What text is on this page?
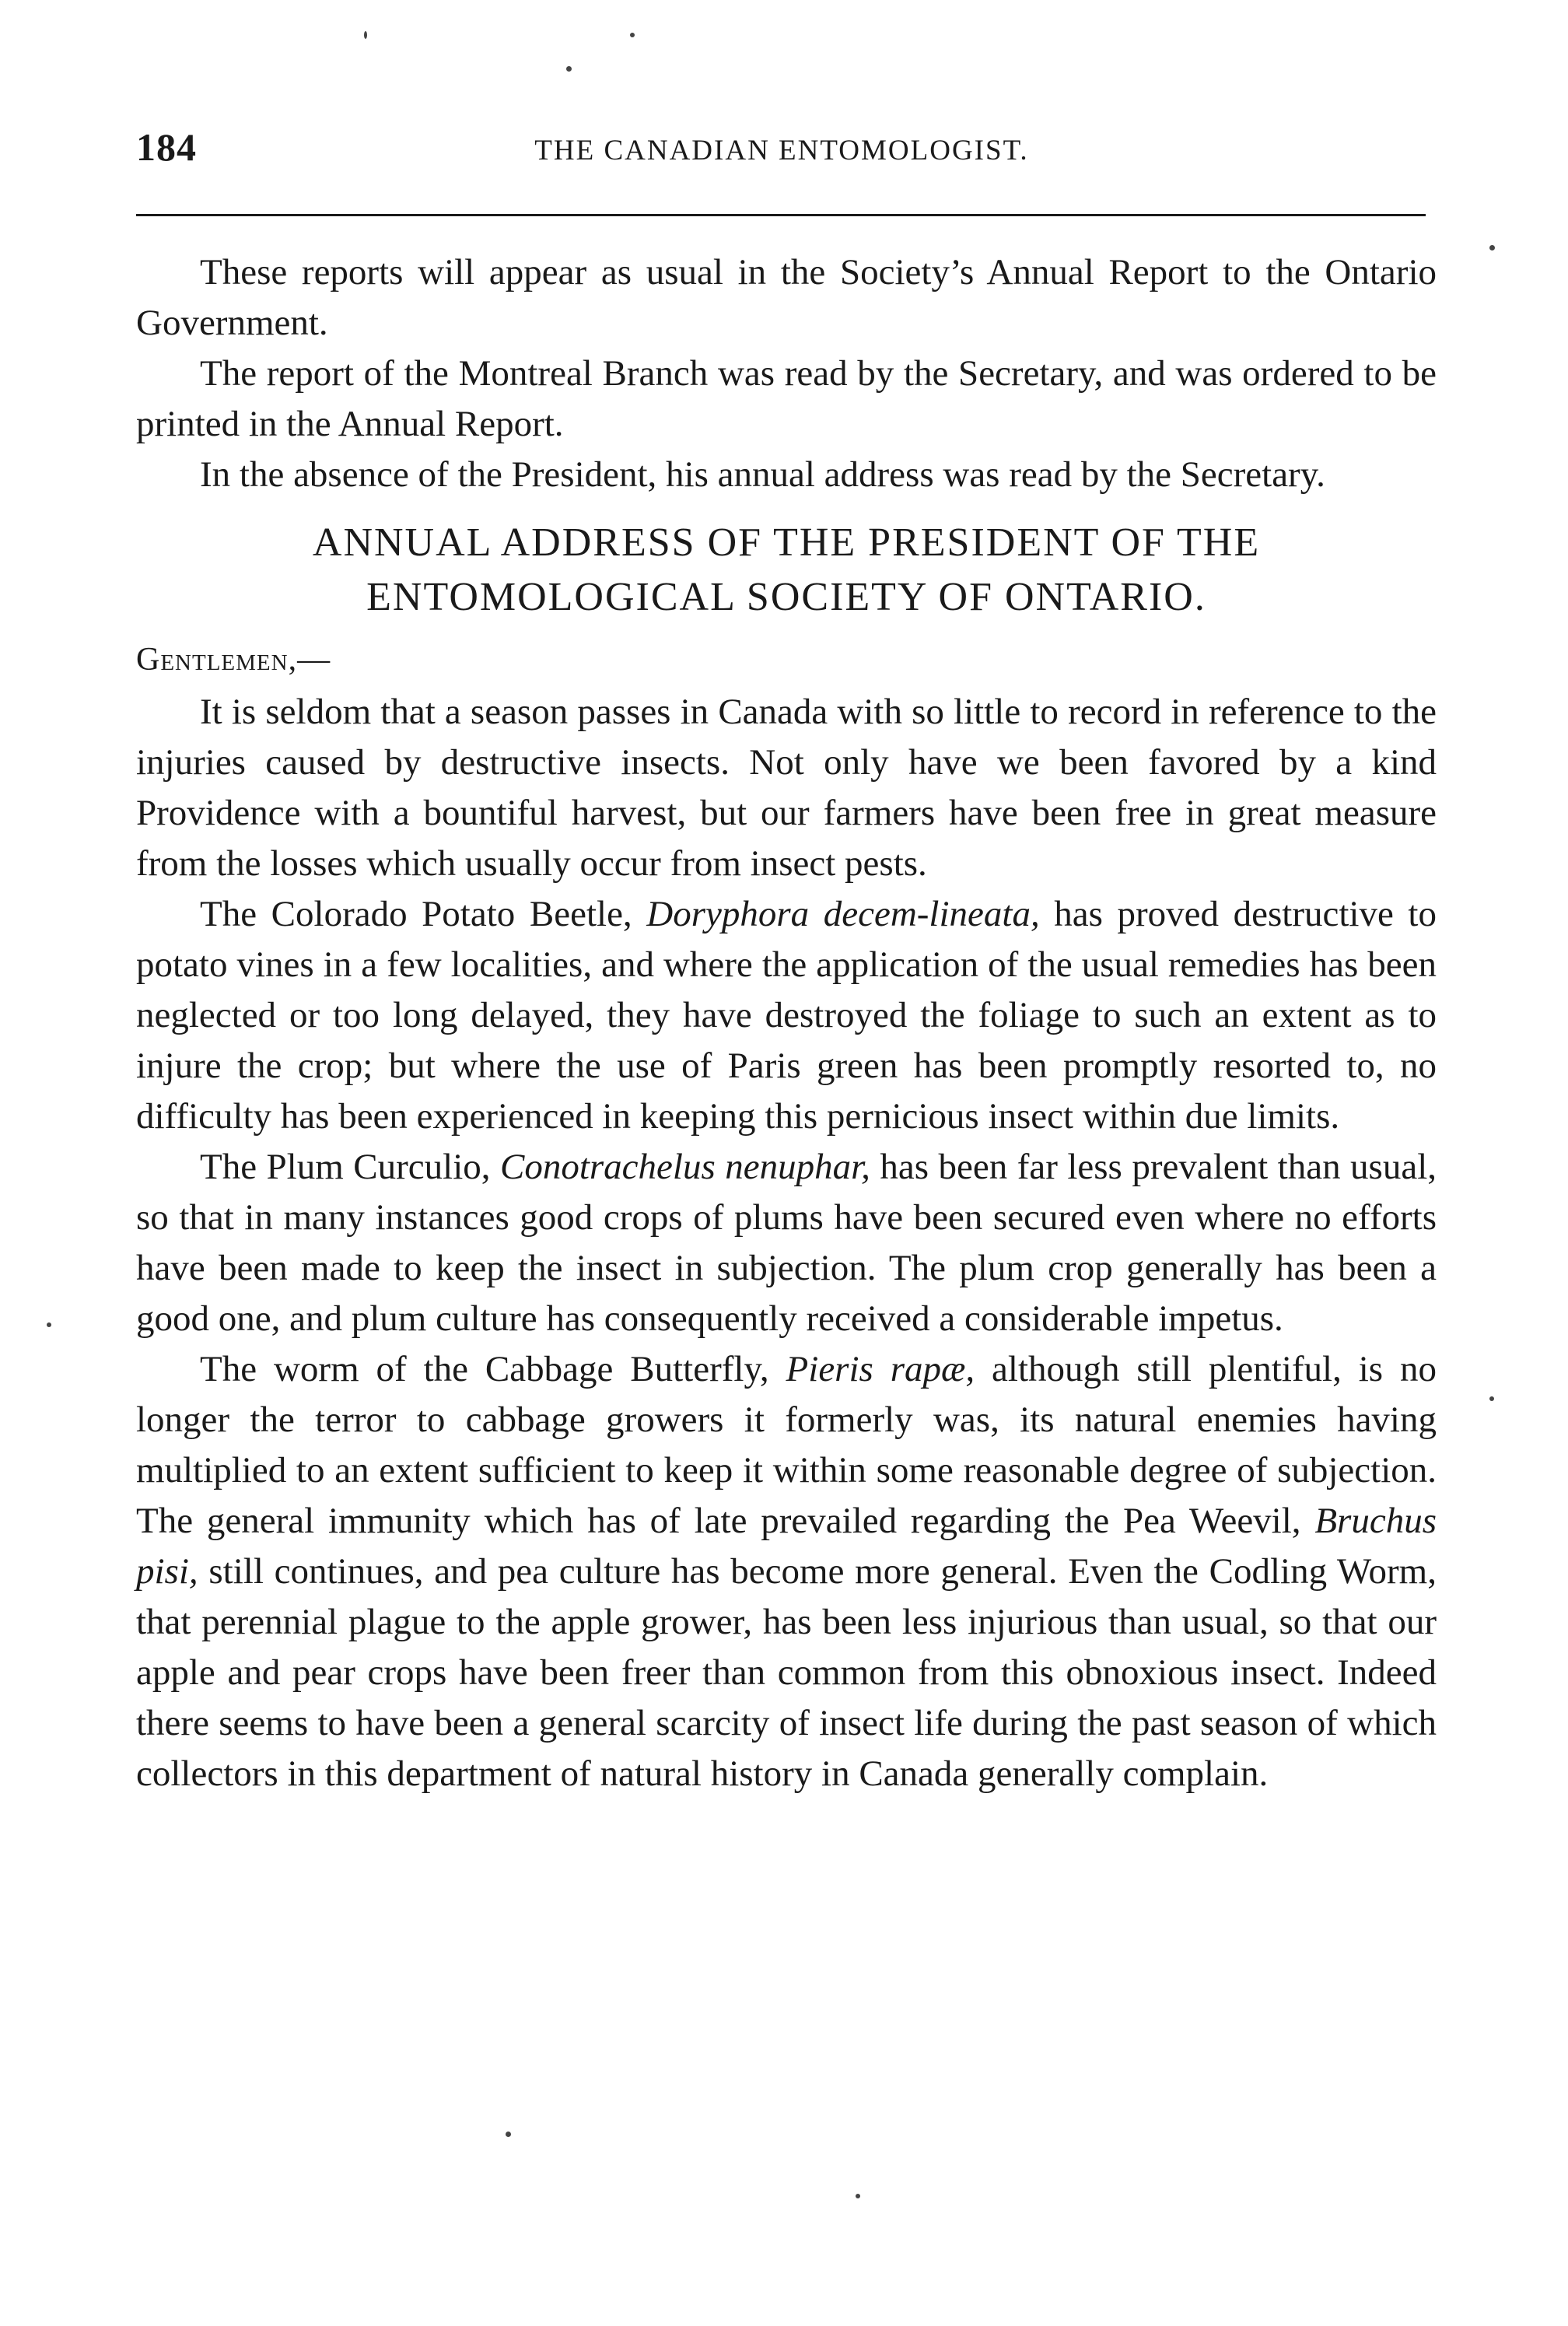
184	THE CANADIAN ENTOMOLOGIST.

These reports will appear as usual in the Society’s Annual Report to the Ontario Government.

The report of the Montreal Branch was read by the Secretary, and was ordered to be printed in the Annual Report.

In the absence of the President, his annual address was read by the Secretary.

ANNUAL ADDRESS OF THE PRESIDENT OF THE
ENTOMOLOGICAL SOCIETY OF ONTARIO.

Gentlemen,—

It is seldom that a season passes in Canada with so little to record in reference to the injuries caused by destructive insects. Not only have we been favored by a kind Providence with a bountiful harvest, but our farmers have been free in great measure from the losses which usually occur from insect pests.

The Colorado Potato Beetle, Doryphora decem-lineata, has proved destructive to potato vines in a few localities, and where the application of the usual remedies has been neglected or too long delayed, they have destroyed the foliage to such an extent as to injure the crop; but where the use of Paris green has been promptly resorted to, no difficulty has been experienced in keeping this pernicious insect within due limits.

The Plum Curculio, Conotrachelus nenuphar, has been far less prevalent than usual, so that in many instances good crops of plums have been secured even where no efforts have been made to keep the insect in subjection. The plum crop generally has been a good one, and plum culture has consequently received a considerable impetus.

The worm of the Cabbage Butterfly, Pieris rapæ, although still plentiful, is no longer the terror to cabbage growers it formerly was, its natural enemies having multiplied to an extent sufficient to keep it within some reasonable degree of subjection. The general immunity which has of late prevailed regarding the Pea Weevil, Bruchus pisi, still continues, and pea culture has become more general. Even the Codling Worm, that perennial plague to the apple grower, has been less injurious than usual, so that our apple and pear crops have been freer than common from this obnoxious insect. Indeed there seems to have been a general scarcity of insect life during the past season of which collectors in this department of natural history in Canada generally complain.
